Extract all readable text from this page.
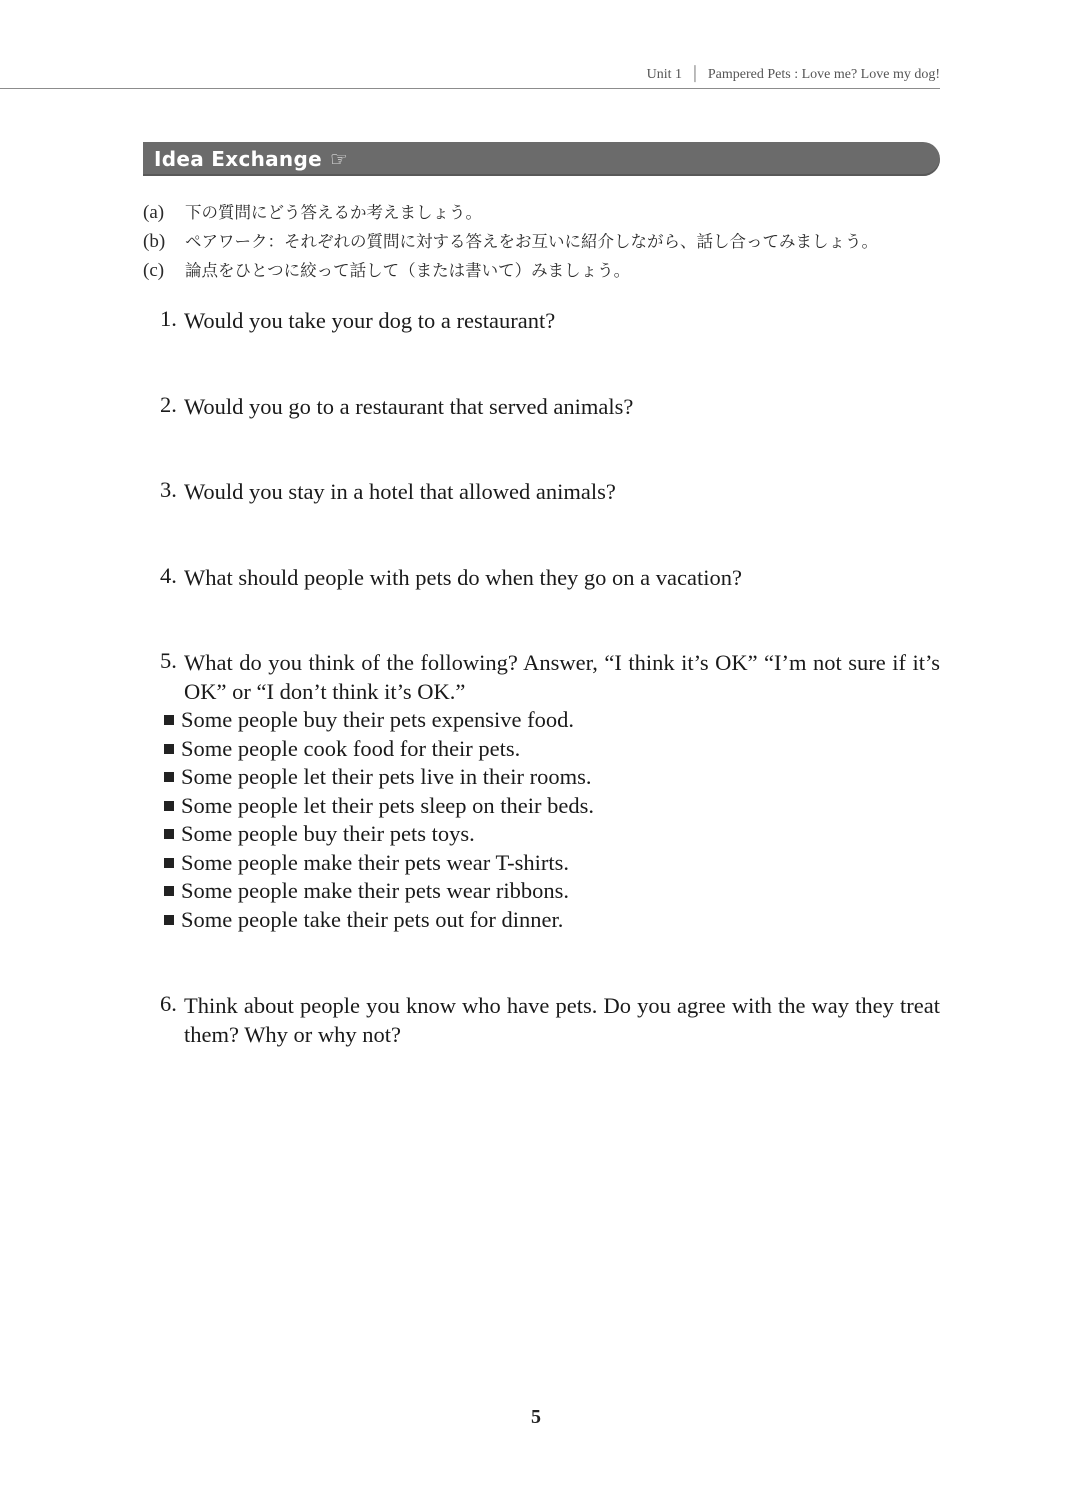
Unit 1 │ Pampered Pets : Love me? Love my dog!
Idea Exchange ☞
(a) 下の質問にどう答えるか考えましょう。
(b) ペアワーク：それぞれの質問に対する答えをお互いに紹介しながら、話し合ってみましょう。
(c) 論点をひとつに絞って話して（または書いて）みましょう。
1. Would you take your dog to a restaurant?
2. Would you go to a restaurant that served animals?
3. Would you stay in a hotel that allowed animals?
4. What should people with pets do when they go on a vacation?
5. What do you think of the following? Answer, “I think it’s OK” “I’m not sure if it’s OK” or “I don’t think it’s OK.”
Some people buy their pets expensive food.
Some people cook food for their pets.
Some people let their pets live in their rooms.
Some people let their pets sleep on their beds.
Some people buy their pets toys.
Some people make their pets wear T-shirts.
Some people make their pets wear ribbons.
Some people take their pets out for dinner.
6. Think about people you know who have pets. Do you agree with the way they treat them? Why or why not?
5
